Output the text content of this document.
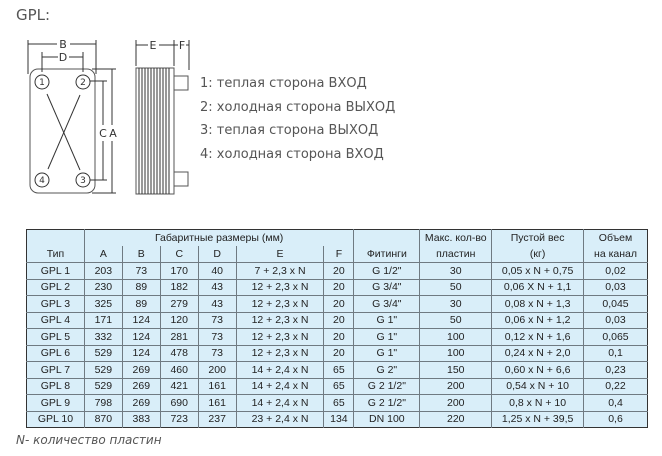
GPL:
B
D
C A
E F
1	2
3
4
1: теплая сторона ВХОД
2: холодная сторона ВЫХОД
3: теплая сторона ВЫХОД
4: холодная сторона ВХОД
Тип	Габаритные размеры (мм)						Фитинги	Макс. кол-во	Пустой вес	Объем
	A	B	C	D	E	F		пластин	(кг)	на канал
GPL 1	203	73	170	40	7 + 2,3 x N	20	G 1/2"	30	0,05 x N + 0,75	0,02
GPL 2	230	89	182	43	12 + 2,3 x N	20	G 3/4"	50	0,06 X N + 1,1	0,03
GPL 3	325	89	279	43	12 + 2,3 x N	20	G 3/4"	30	0,08 x N + 1,3	0,045
GPL 4	171	124	120	73	12 + 2,3 x N	20	G 1"	50	0,06 x N + 1,2	0,03
GPL 5	332	124	281	73	12 + 2,3 x N	20	G 1"	100	0,12 x N + 1,6	0,065
GPL 6	529	124	478	73	12 + 2,3 x N	20	G 1"	100	0,24 x N + 2,0	0,1
GPL 7	529	269	460	200	14 + 2,4 x N	65	G 2"	150	0,60 x N + 6,6	0,23
GPL 8	529	269	421	161	14 + 2,4 x N	65	G 2 1/2"	200	0,54 x N + 10	0,22
GPL 9	798	269	690	161	14 + 2,4 x N	65	G 2 1/2"	200	0,8 x N + 10	0,4
GPL 10	870	383	723	237	23 + 2,4 x N	134	DN 100	220	1,25 x N + 39,5	0,6
N- количество пластин
